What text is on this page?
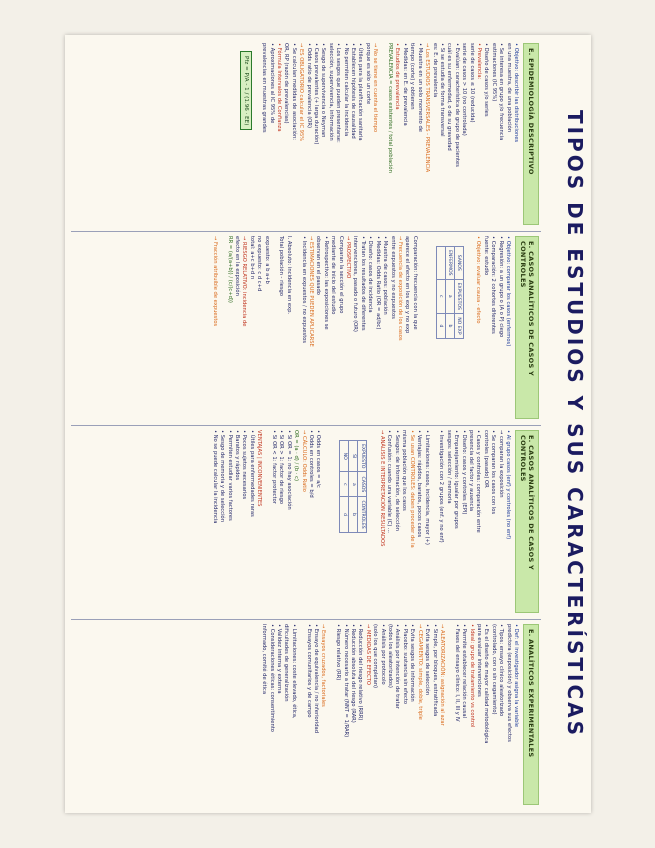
TIPOS DE ESTUDIOS Y SUS CARACTERÍSTICAS
E. EPIDEMIOLOGÍA DESCRIPTIVO
• Objetivo: describir las distribuciones
en una muestra, de una población
• Se interesa en grupo y/o frecuencia
estimaciones (IC 95%)
• Diseño de casos y/o series
• Prevalencia:
serie de casos ≤ 10 (reducida)
serie de casos > 10 (no controlada)
• Evalúan: característica de grupo de pacientes
cuál es su enfermedad, o de su gravedad
• Si se estudia de forma transversal
es: E. de prevalencia
→ Los ESTUDIOS TRANSVERSALES - PREVALENCIA
• Muestra en un solo momento de
tiempo (corte) y obtienen
• Medidas: en E. de prevalencia
• Estudios de prevalencia
PREVALENCIA = casos existentes / total población

→ No se tiene en cuenta el tiempo
porque es sólo un corte
• Útiles para la planificación sanitaria
• Establecen hipótesis de causalidad
• No permiten calcular la incidencia
• Los sesgos que pueden presentarse:
selección, supervivencia, información
• Sesgo de supervivencia o Neyman
• Casos prevalentes (+ larga duración)
• Odds ratio de prevalencia (OR)
→ ES OBLIGATORIO calcular el IC 95%
• Se calculan medidas de asociación:
OR, RP (razón de prevalencias)
• Fórmula Intervalos de Confianza
• Aproximaciones al IC 95% de
prevalencias en muestras grandes
Pfz = P/A - 1 / (1.96 · EE)
E. CASOS ANALÍTICOS DE CASOS Y CONTROLES
• Objetivo: comparar los casos (enfermos)
• Regresión: a un grupo o (A o P) ciego
• Comparación: 2 cohortes diferentes
fuente: estudio
• Objetivo: evaluar causa - efecto

SANOS	EXPUESTOS	NO EXP
ENFERMOS	a	b
	c	d

Comparación: frecuencia con la que
aparece el efecto en los exp y no exp
→ Frecuencia de exposición de los casos
entre expuestos y no expuestos
• Muestra de casos: población
• Medidas: Odds Ratio (OR = ad/bc)
• Diseño: casos de incidencia
• Tratan los resultados de diferentes
intervenciones, pasado o futuro (OR)
→ PROSPECTIVO
Comparan la sección el grupo
mediante de inicio del estudio
• Retrospectivo: las exposiciones se
observan en el pasado
→ ESTIMACIONES QUE PUEDEN APLICARSE
• Incidencia en expuestos / no expuestos

I. Absoluto: incidencia en exp.
Total población - riesgo

expuesto: a b a+b
no expuesto: c d c+d
total: a+c b+d n
→ RIESGO RELATIVO: incidencia de
efecto en la exposición
RR = (a/(a+b)) / (c/(c+d))

→ Fracción atribuible de expuestos
E. CASOS ANALÍTICOS DE CASOS Y CONTROLES
• Al grupo casos (enf) y controles (no enf)
→ comparan la exposición
• Se comparan los casos con los
controles (pasado) OR
• Casos y controles: comparación entre
presencia del factor y ausencia
• Diseño: casos y controles (EPI)
• Emparejamiento: igualar por grupos
sesgos: selección / memoria
• Investigación con 2 grupos (enf. y no enf)

• Limitaciones: casos, incidencia, mayor (+)
• Ventajas: rápidos, baratos, pocos casos
• Se usan CONTROLES: deben proceder de la
misma población que los casos
• Sesgos: de información, de selección
• Confusión: cuando una variable (C) ...
→ ANÁLISIS E INTERPRETACIÓN RESULTADOS

EXPUESTO	CASOS	CONTROLES
SI	a	b
NO	c	d

• Odds en casos = a/c
• Odds en controles = b/d
→ CÁLCULO: Odds Ratio
OR = (a · d) / (b · c)
• Si OR = 1: no hay asociación
• Si OR > 1: factor de riesgo
• Si OR < 1: factor protector

VENTAJAS | INCONVENIENTES
• Útiles para enfermedades raras
• Pocos sujetos necesarios
• Baratos y rápidos
• Permiten estudiar varios factores
• Sesgo de memoria y de selección
• No se puede calcular la incidencia
E. ANALÍTICOS EXPERIMENTALES
• Def: el investigador asigna la variable
predictora (exposición) y observa sus efectos
• Tipos: ensayo clínico aleatorizado
(controlado, con o sin cegamiento)
• Es el diseño de mayor calidad metodológica
para evaluar intervenciones
• Ideal: grupo de tratamiento vs control
• Permite establecer relación causal
• Fases del ensayo clínico: I, II, III y IV

→ ALEATORIZACIÓN: asignación al azar
• Simple, por bloques, estratificada
• Evita sesgos de selección
→ CEGAMIENTO: simple, doble, triple
• Evita sesgos de información
• Placebo: sustancia sin efecto
• Análisis por intención de tratar
(todos los aleatorizados)
• Análisis por protocolo
(solo los que completan)
→ MEDIDAS DE EFECTO
• Reducción del riesgo relativo (RRR)
• Reducción absoluta del riesgo (RAR)
• Número necesario a tratar (NNT = 1/RAR)
• Riesgo relativo (RR)

→ Ensayos cruzados, factoriales
• Ensayo de equivalencia / no inferioridad
• Ensayos comunitarios y de campo

• Limitaciones: coste elevado, ética,
dificultades de generalización
• Validez interna y externa
• Consideraciones éticas: consentimiento
informado, comité de ética
